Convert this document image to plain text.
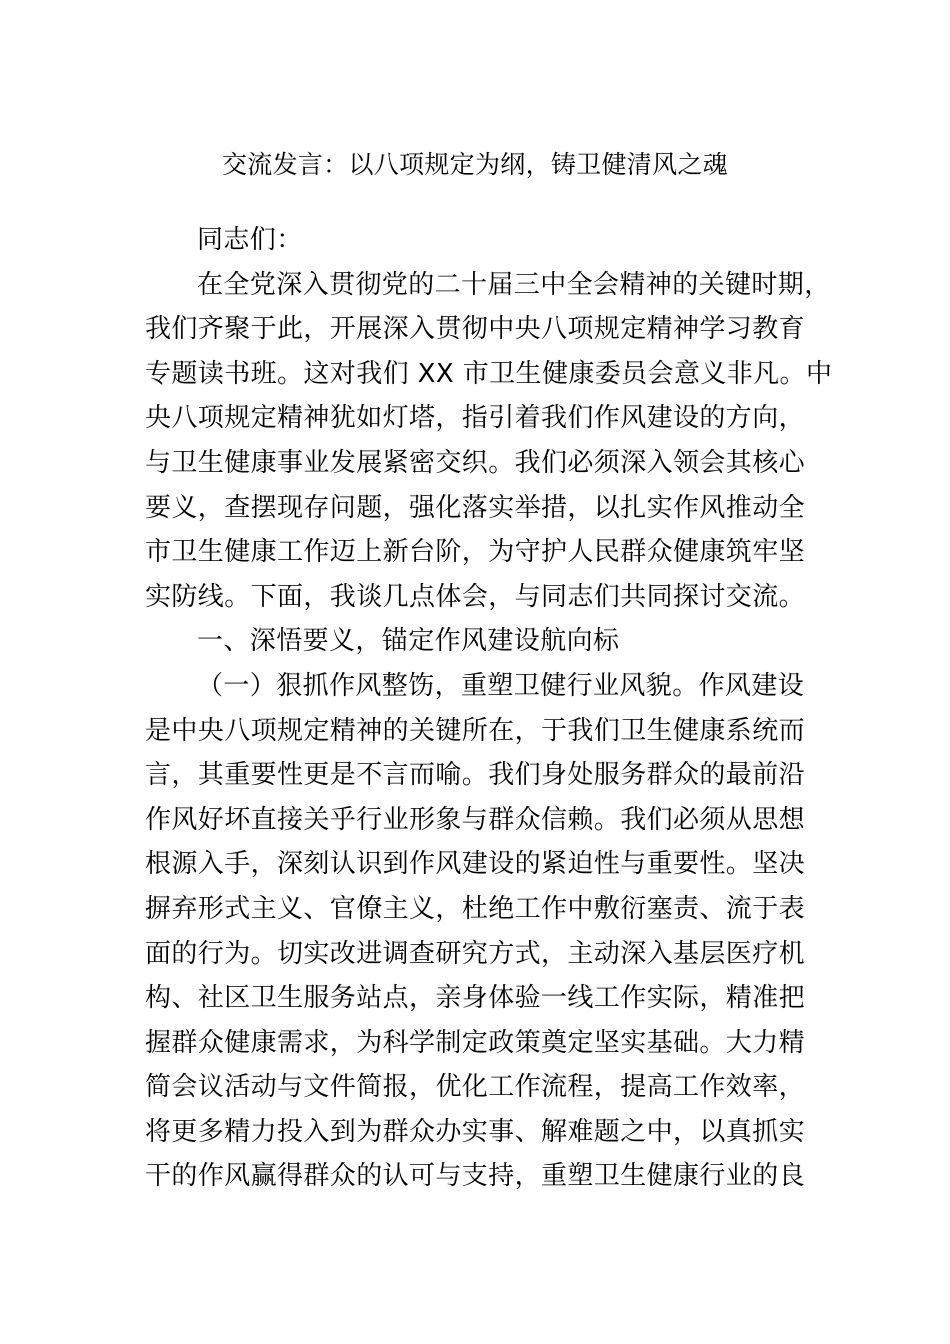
交流发言：以八项规定为纲，铸卫健清风之魂
同志们：
在全党深入贯彻党的二十届三中全会精神的关键时期，
我们齐聚于此，开展深入贯彻中央八项规定精神学习教育
专题读书班。这对我们 XX 市卫生健康委员会意义非凡。中
央八项规定精神犹如灯塔，指引着我们作风建设的方向，
与卫生健康事业发展紧密交织。我们必须深入领会其核心
要义，查摆现存问题，强化落实举措，以扎实作风推动全
市卫生健康工作迈上新台阶，为守护人民群众健康筑牢坚
实防线。下面，我谈几点体会，与同志们共同探讨交流。
一、深悟要义，锚定作风建设航向标
（一）狠抓作风整饬，重塑卫健行业风貌。作风建设
是中央八项规定精神的关键所在，于我们卫生健康系统而
言，其重要性更是不言而喻。我们身处服务群众的最前沿
作风好坏直接关乎行业形象与群众信赖。我们必须从思想
根源入手，深刻认识到作风建设的紧迫性与重要性。坚决
摒弃形式主义、官僚主义，杜绝工作中敷衍塞责、流于表
面的行为。切实改进调查研究方式，主动深入基层医疗机
构、社区卫生服务站点，亲身体验一线工作实际，精准把
握群众健康需求，为科学制定政策奠定坚实基础。大力精
简会议活动与文件简报，优化工作流程，提高工作效率，
将更多精力投入到为群众办实事、解难题之中，以真抓实
干的作风赢得群众的认可与支持，重塑卫生健康行业的良
